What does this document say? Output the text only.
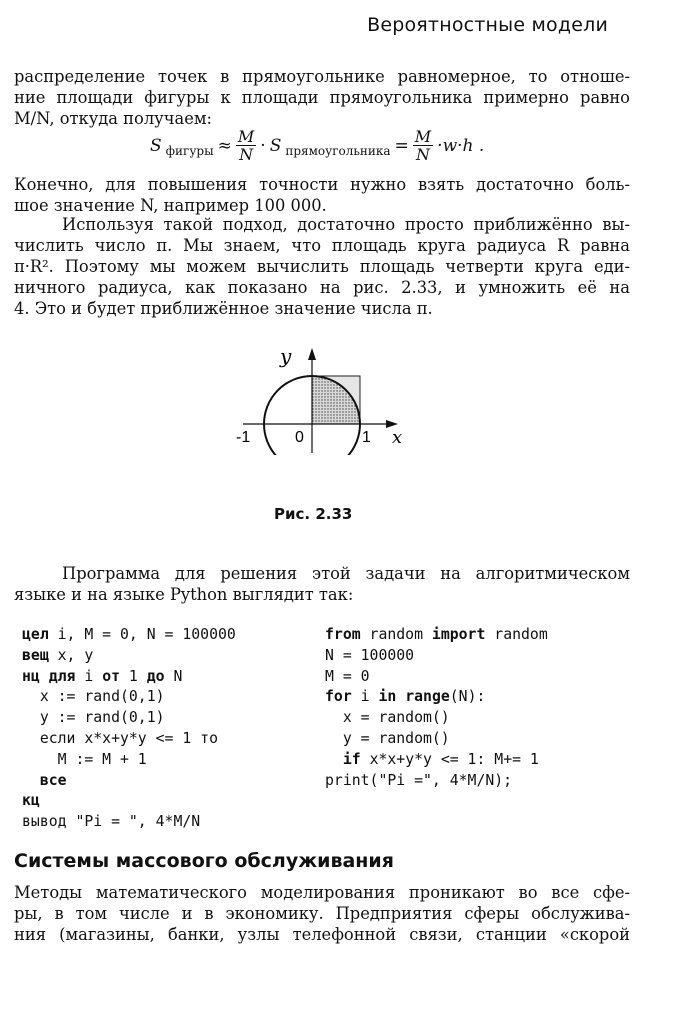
Вероятностные модели
распределение точек в прямоугольнике равномерное, то отноше-
ние площади фигуры к площади прямоугольника примерно равно
M/N, откуда получаем:
S фигуры ≈ $\frac{M}{N} \cdot S$ прямоугольника = $\frac{M}{N} \cdot w\cdot h$ .
Конечно, для повышения точности нужно взять достаточно боль-
шое значение N, например 100 000.
Используя такой подход, достаточно просто приближённо вы-
числить число π. Мы знаем, что площадь круга радиуса R равна
π·R². Поэтому мы можем вычислить площадь четверти круга еди-
ничного радиуса, как показано на рис. 2.33, и умножить её на
4. Это и будет приближённое значение числа π.
y
x
-1	0	1
Рис. 2.33
Программа для решения этой задачи на алгоритмическом
языке и на языке Python выглядит так:
цел i, M = 0, N = 100000
вещ x, y
нц для i от 1 до N
x := rand(0,1)
y := rand(0,1)
если x*x+y*y <= 1 то
M := M + 1
все
кц
вывод "Pi = ", 4*M/N
from random import random
N = 100000
M = 0
for i in range(N):
x = random()
y = random()
if x*x+y*y <= 1: M+= 1
print("Pi =", 4*M/N);
Системы массового обслуживания
Методы математического моделирования проникают во все сфе-
ры, в том числе и в экономику. Предприятия сферы обслужива-
ния (магазины, банки, узлы телефонной связи, станции «скорой
